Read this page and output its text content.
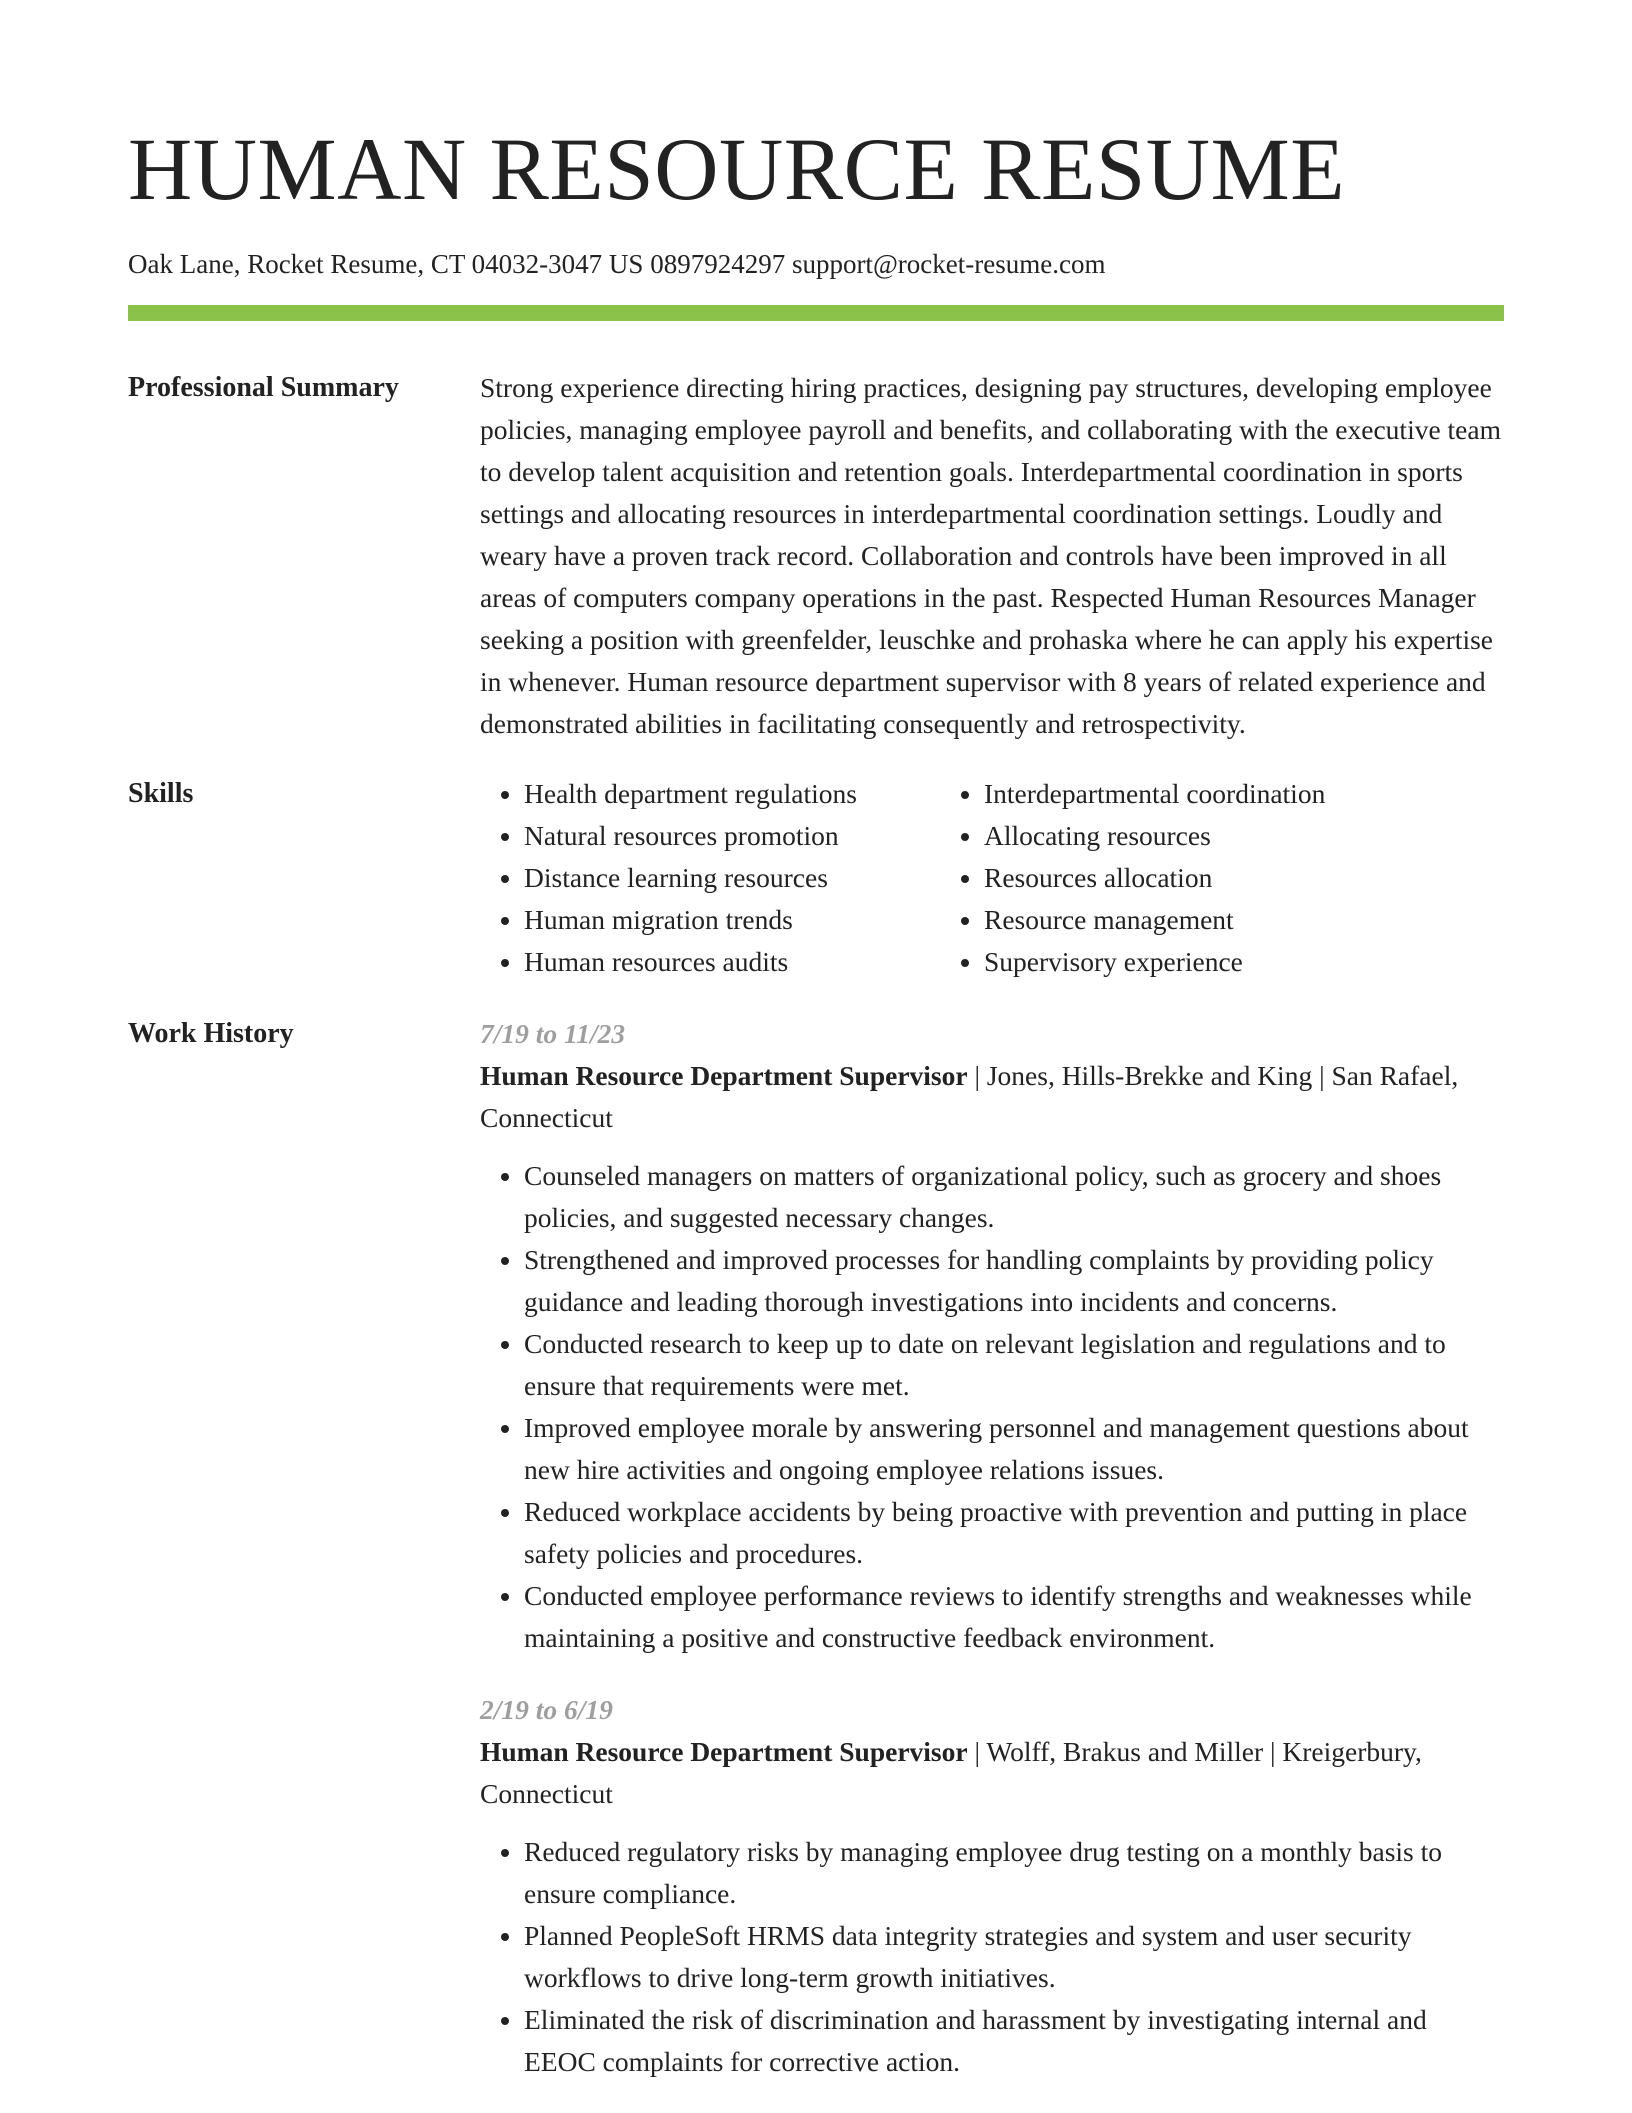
HUMAN RESOURCE RESUME
Oak Lane, Rocket Resume, CT 04032-3047 US 0897924297 support@rocket-resume.com
Professional Summary	Strong experience directing hiring practices, designing pay structures, developing employee policies, managing employee payroll and benefits, and collaborating with the executive team to develop talent acquisition and retention goals. Interdepartmental coordination in sports settings and allocating resources in interdepartmental coordination settings. Loudly and weary have a proven track record. Collaboration and controls have been improved in all areas of computers company operations in the past. Respected Human Resources Manager seeking a position with greenfelder, leuschke and prohaska where he can apply his expertise in whenever. Human resource department supervisor with 8 years of related experience and demonstrated abilities in facilitating consequently and retrospectivity.

Skills
•	Health department regulations
• Natural resources promotion
• Distance learning resources
• Human migration trends
• Human resources audits
• Interdepartmental coordination
• Allocating resources
• Resources allocation
• Resource management
• Supervisory experience
Work History	7/19 to 11/23
Human Resource Department Supervisor | Jones, Hills-Brekke and King | San Rafael, Connecticut
• Counseled managers on matters of organizational policy, such as grocery and shoes policies, and suggested necessary changes.
• Strengthened and improved processes for handling complaints by providing policy guidance and leading thorough investigations into incidents and concerns.
• Conducted research to keep up to date on relevant legislation and regulations and to ensure that requirements were met.
• Improved employee morale by answering personnel and management questions about new hire activities and ongoing employee relations issues.
• Reduced workplace accidents by being proactive with prevention and putting in place safety policies and procedures.
• Conducted employee performance reviews to identify strengths and weaknesses while maintaining a positive and constructive feedback environment.
2/19 to 6/19
Human Resource Department Supervisor | Wolff, Brakus and Miller | Kreigerbury, Connecticut
• Reduced regulatory risks by managing employee drug testing on a monthly basis to ensure compliance.
• Planned PeopleSoft HRMS data integrity strategies and system and user security workflows to drive long-term growth initiatives.
• Eliminated the risk of discrimination and harassment by investigating internal and EEOC complaints for corrective action.
